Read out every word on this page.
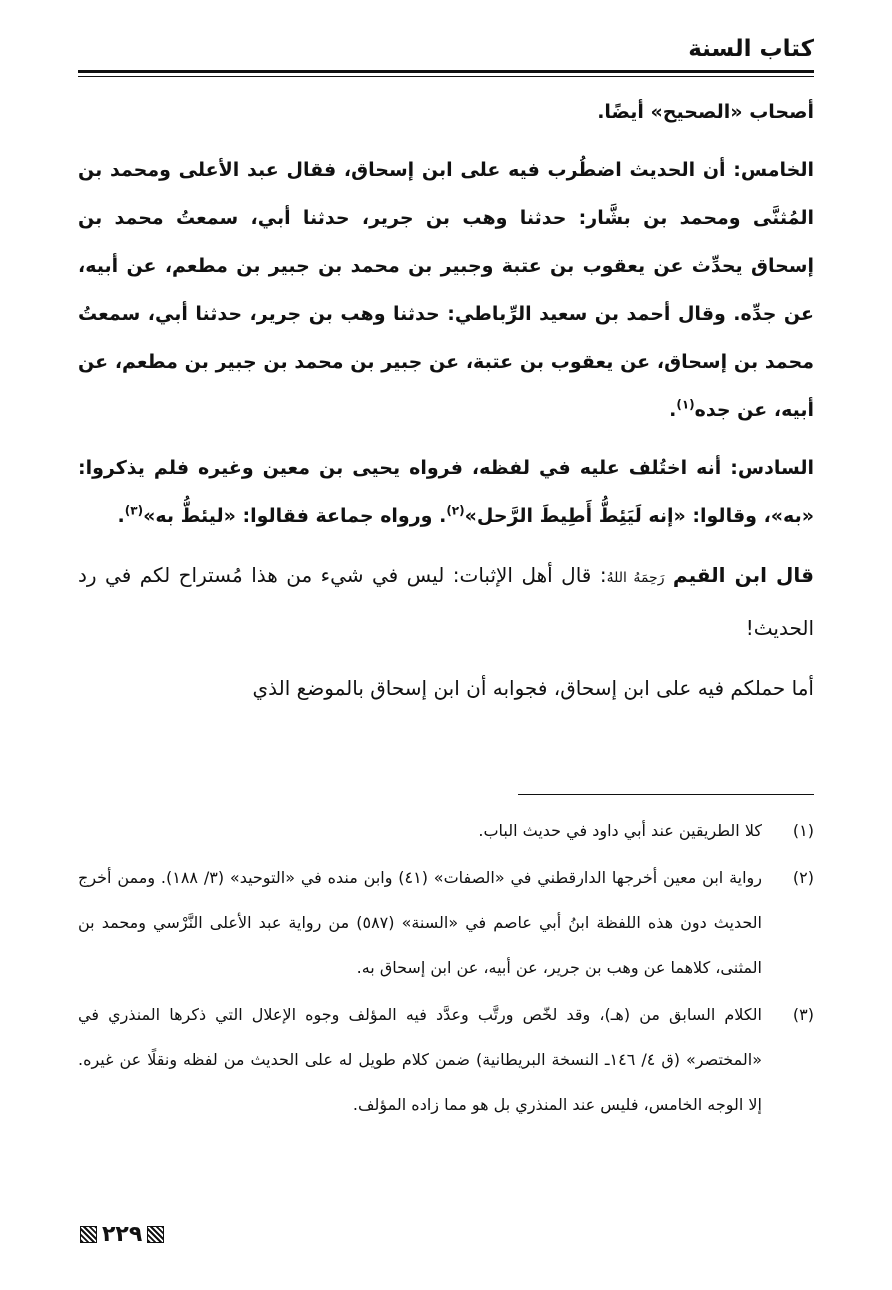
كتاب السنة

أصحاب «الصحيح» أيضًا.

الخامس: أن الحديث اضطُرب فيه على ابن إسحاق، فقال عبد الأعلى ومحمد بن المُثنَّى ومحمد بن بشَّار: حدثنا وهب بن جرير، حدثنا أبي، سمعتُ محمد بن إسحاق يحدِّث عن يعقوب بن عتبة وجبير بن محمد بن جبير بن مطعم، عن أبيه، عن جدِّه. وقال أحمد بن سعيد الرِّباطي: حدثنا وهب بن جرير، حدثنا أبي، سمعتُ محمد بن إسحاق، عن يعقوب بن عتبة، عن جبير بن محمد بن جبير بن مطعم، عن أبيه، عن جده$^{(١)}$.

السادس: أنه اختُلف عليه في لفظه، فرواه يحيى بن معين وغيره فلم يذكروا: «به»، وقالوا: «إنه لَيَئِطُّ أَطِيطَ الرَّحل»$^{(٢)}$. ورواه جماعة فقالوا: «ليئطُّ به»$^{(٣)}$.

قال ابن القيم رَحِمَهُ اللهُ: قال أهل الإثبات: ليس في شيء من هذا مُستراح لكم في رد الحديث!

أما حملكم فيه على ابن إسحاق، فجوابه أن ابن إسحاق بالموضع الذي

(١)
كلا الطريقين عند أبي داود في حديث الباب.
(٢)
رواية ابن معين أخرجها الدارقطني في «الصفات» (٤١) وابن منده في «التوحيد» (٣/ ١٨٨). وممن أخرج الحديث دون هذه اللفظة ابنُ أبي عاصم في «السنة» (٥٨٧) من رواية عبد الأعلى النَّرْسي ومحمد بن المثنى، كلاهما عن وهب بن جرير، عن أبيه، عن ابن إسحاق به.
(٣)
الكلام السابق من (هـ)، وقد لخّص ورتَّب وعدَّد فيه المؤلف وجوه الإعلال التي ذكرها المنذري في «المختصر» (ق ٤/ ١٤٦ـ النسخة البريطانية) ضمن كلام طويل له على الحديث من لفظه ونقلًا عن غيره. إلا الوجه الخامس، فليس عند المنذري بل هو مما زاده المؤلف.
٢٢٩
